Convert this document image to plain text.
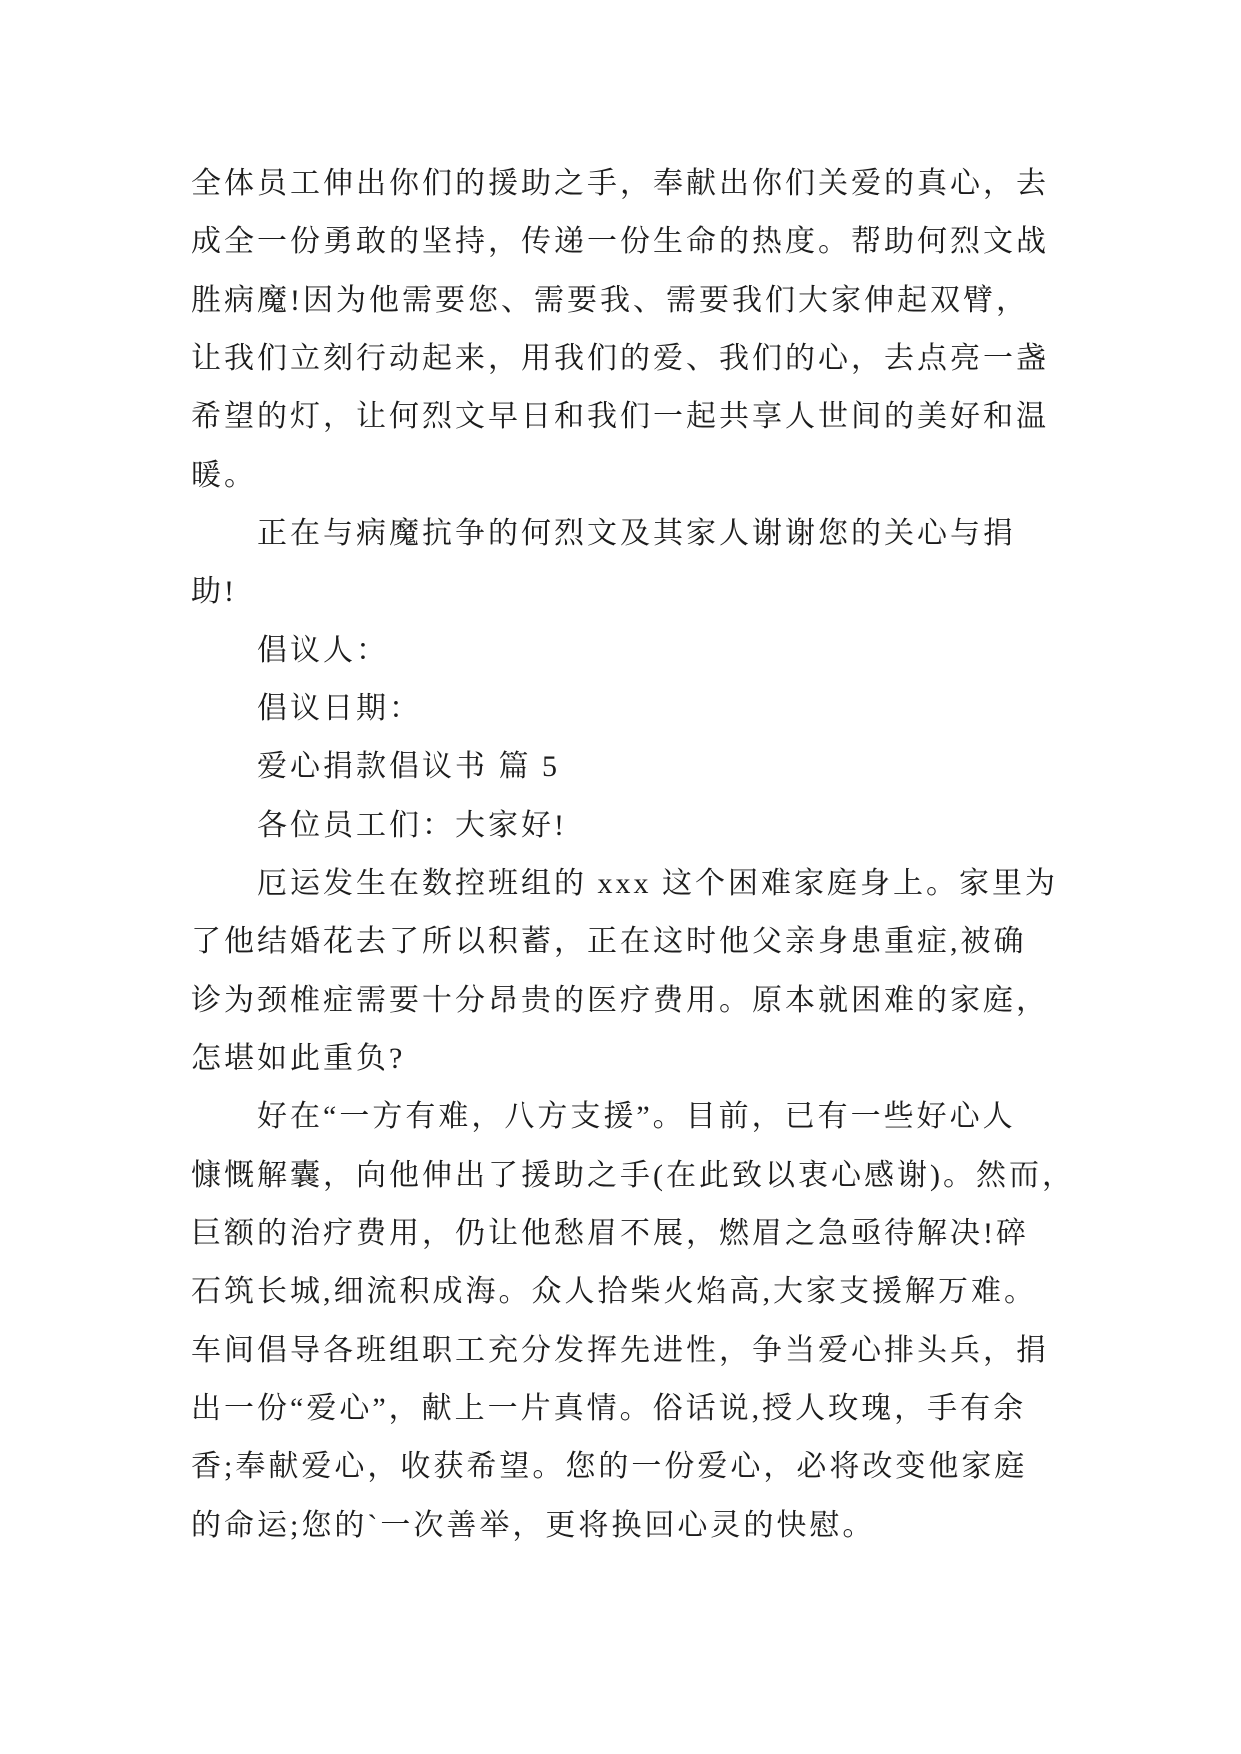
全体员工伸出你们的援助之手，奉献出你们关爱的真心，去
成全一份勇敢的坚持，传递一份生命的热度。帮助何烈文战
胜病魔!因为他需要您、需要我、需要我们大家伸起双臂，
让我们立刻行动起来，用我们的爱、我们的心，去点亮一盏
希望的灯，让何烈文早日和我们一起共享人世间的美好和温
暖。
正在与病魔抗争的何烈文及其家人谢谢您的关心与捐
助!
倡议人：
倡议日期：
爱心捐款倡议书 篇 5
各位员工们：大家好!
厄运发生在数控班组的 xxx 这个困难家庭身上。家里为
了他结婚花去了所以积蓄，正在这时他父亲身患重症,被确
诊为颈椎症需要十分昂贵的医疗费用。原本就困难的家庭，
怎堪如此重负?
好在“一方有难，八方支援”。目前，已有一些好心人
慷慨解囊，向他伸出了援助之手(在此致以衷心感谢)。然而，
巨额的治疗费用，仍让他愁眉不展，燃眉之急亟待解决!碎
石筑长城,细流积成海。众人拾柴火焰高,大家支援解万难。
车间倡导各班组职工充分发挥先进性，争当爱心排头兵，捐
出一份“爱心”，献上一片真情。俗话说,授人玫瑰，手有余
香;奉献爱心，收获希望。您的一份爱心，必将改变他家庭
的命运;您的`一次善举，更将换回心灵的快慰。
